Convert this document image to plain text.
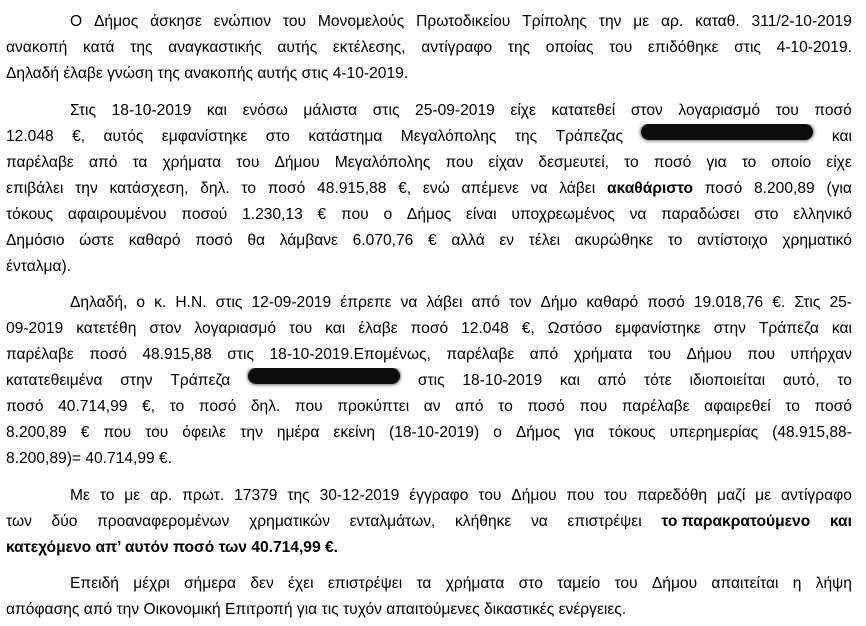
Ο Δήμος άσκησε ενώπιον του Μονομελούς Πρωτοδικείου Τρίπολης την με αρ. καταθ. 311/2-10-2019
ανακοπή κατά της αναγκαστικής αυτής εκτέλεσης, αντίγραφο της οποίας του επιδόθηκε στις 4-10-2019.
Δηλαδή έλαβε γνώση της ανακοπής αυτής στις 4-10-2019.
Στις 18-10-2019 και ενόσω μάλιστα στις 25-09-2019 είχε κατατεθεί στον λογαριασμό του ποσό
12.048 €, αυτός εμφανίστηκε στο κατάστημα Μεγαλόπολης της Τράπεζας	και
παρέλαβε από τα χρήματα του Δήμου Μεγαλόπολης που είχαν δεσμευτεί, το ποσό για το οποίο είχε
επιβάλει την κατάσχεση, δηλ. το ποσό 48.915,88 €, ενώ απέμενε να λάβει ακαθάριστο ποσό 8.200,89 (για
τόκους αφαιρουμένου ποσού 1.230,13 € που ο Δήμος είναι υποχρεωμένος να παραδώσει στο ελληνικό
Δημόσιο ώστε καθαρό ποσό θα λάμβανε 6.070,76 € αλλά εν τέλει ακυρώθηκε το αντίστοιχο χρηματικό
ένταλμα).
Δηλαδή, ο κ. Η.Ν. στις 12-09-2019 έπρεπε να λάβει από τον Δήμο καθαρό ποσό 19.018,76 €. Στις 25-
09-2019 κατετέθη στον λογαριασμό του και έλαβε ποσό 12.048 €, Ωστόσο εμφανίστηκε στην Τράπεζα και
παρέλαβε ποσό 48.915,88 στις 18-10-2019.Επομένως, παρέλαβε από χρήματα του Δήμου που υπήρχαν
κατατεθειμένα στην Τράπεζα	στις 18-10-2019 και από τότε ιδιοποιείται αυτό, το
ποσό 40.714,99 €, το ποσό δηλ. που προκύπτει αν από το ποσό που παρέλαβε αφαιρεθεί το ποσό
8.200,89 € που του όφειλε την ημέρα εκείνη (18-10-2019) ο Δήμος για τόκους υπερημερίας (48.915,88-
8.200,89)= 40.714,99 €.
Με το με αρ. πρωτ. 17379 της 30-12-2019 έγγραφο του Δήμου που του παρεδόθη μαζί με αντίγραφο
των δύο προαναφερομένων χρηματικών ενταλμάτων, κλήθηκε να επιστρέψει το παρακρατούμενο και
κατεχόμενο απ’ αυτόν ποσό των 40.714,99 €.
Επειδή μέχρι σήμερα δεν έχει επιστρέψει τα χρήματα στο ταμείο του Δήμου απαιτείται η λήψη
απόφασης από την Οικονομική Επιτροπή για τις τυχόν απαιτούμενες δικαστικές ενέργειες.
